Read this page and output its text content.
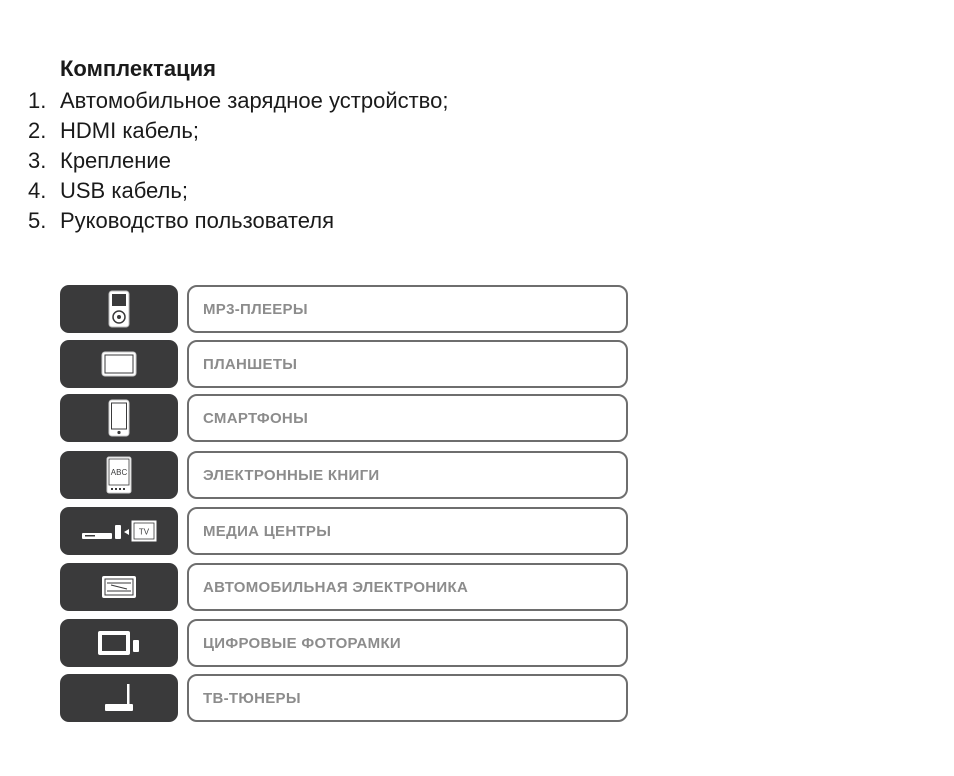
Комплектация
1. Автомобильное зарядное устройство;
2. HDMI кабель;
3. Крепление
4. USB кабель;
5. Руководство пользователя
МР3-ПЛЕЕРЫ
ПЛАНШЕТЫ
СМАРТФОНЫ
ABC	ЭЛЕКТРОННЫЕ КНИГИ
TV	МЕДИА ЦЕНТРЫ
АВТОМОБИЛЬНАЯ ЭЛЕКТРОНИКА
ЦИФРОВЫЕ ФОТОРАМКИ
ТВ-ТЮНЕРЫ
